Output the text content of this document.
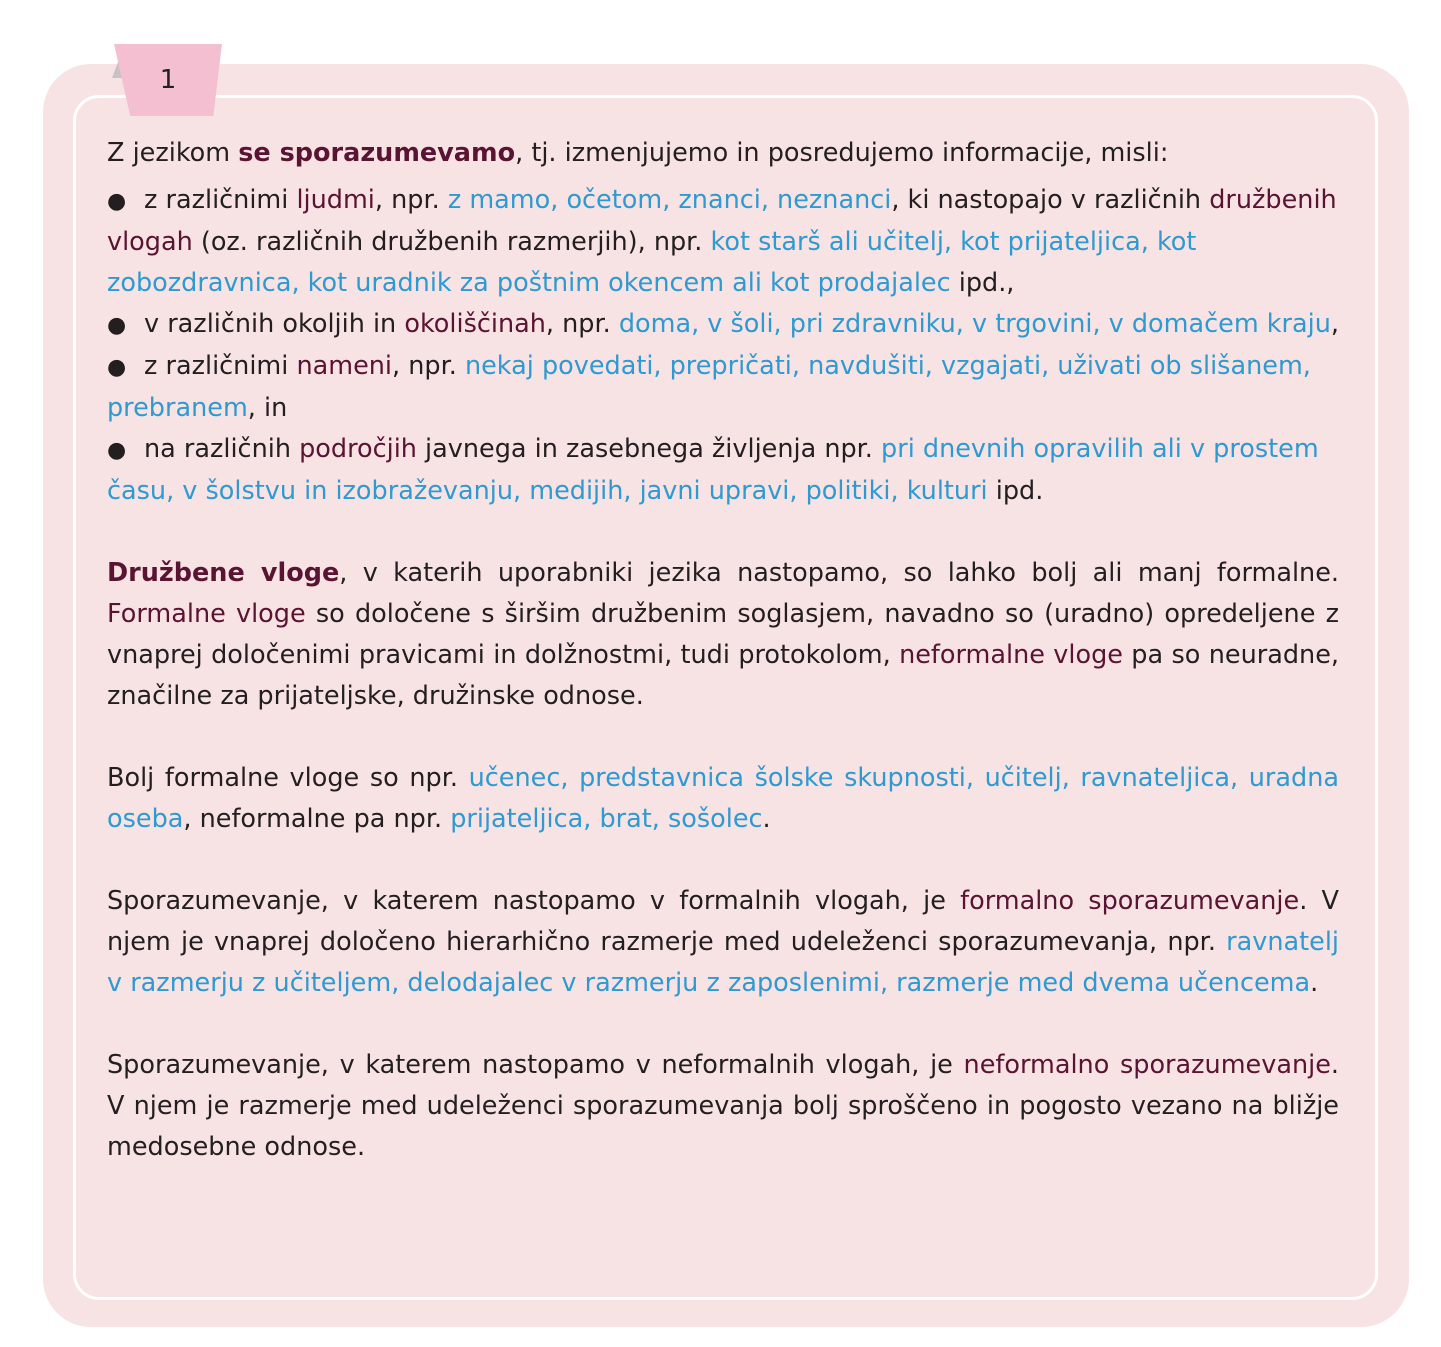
1

Z jezikom se sporazumevamo, tj. izmenjujemo in posredujemo informacije, misli:

● z različnimi ljudmi, npr. z mamo, očetom, znanci, neznanci, ki nastopajo v različnih družbenih vlogah (oz. različnih družbenih razmerjih), npr. kot starš ali učitelj, kot prijateljica, kot zobozdravnica, kot uradnik za poštnim okencem ali kot prodajalec ipd.,
● v različnih okoljih in okoliščinah, npr. doma, v šoli, pri zdravniku, v trgovini, v domačem kraju,
● z različnimi nameni, npr. nekaj povedati, prepričati, navdušiti, vzgajati, uživati ob slišanem, prebranem, in
● na različnih področjih javnega in zasebnega življenja npr. pri dnevnih opravilih ali v prostem času, v šolstvu in izobraževanju, medijih, javni upravi, politiki, kulturi ipd.

Družbene vloge, v katerih uporabniki jezika nastopamo, so lahko bolj ali manj formalne. Formalne vloge so določene s širšim družbenim soglasjem, navadno so (uradno) opredeljene z vnaprej določenimi pravicami in dolžnostmi, tudi protokolom, neformalne vloge pa so neuradne, značilne za prijateljske, družinske odnose.

Bolj formalne vloge so npr. učenec, predstavnica šolske skupnosti, učitelj, ravnateljica, uradna oseba, neformalne pa npr. prijateljica, brat, sošolec.

Sporazumevanje, v katerem nastopamo v formalnih vlogah, je formalno sporazumevanje. V njem je vnaprej določeno hierarhično razmerje med udeleženci sporazumevanja, npr. ravnatelj v razmerju z učiteljem, delodajalec v razmerju z zaposlenimi, razmerje med dvema učencema.

Sporazumevanje, v katerem nastopamo v neformalnih vlogah, je neformalno sporazumevanje. V njem je razmerje med udeleženci sporazumevanja bolj sproščeno in pogosto vezano na bližje medosebne odnose.
